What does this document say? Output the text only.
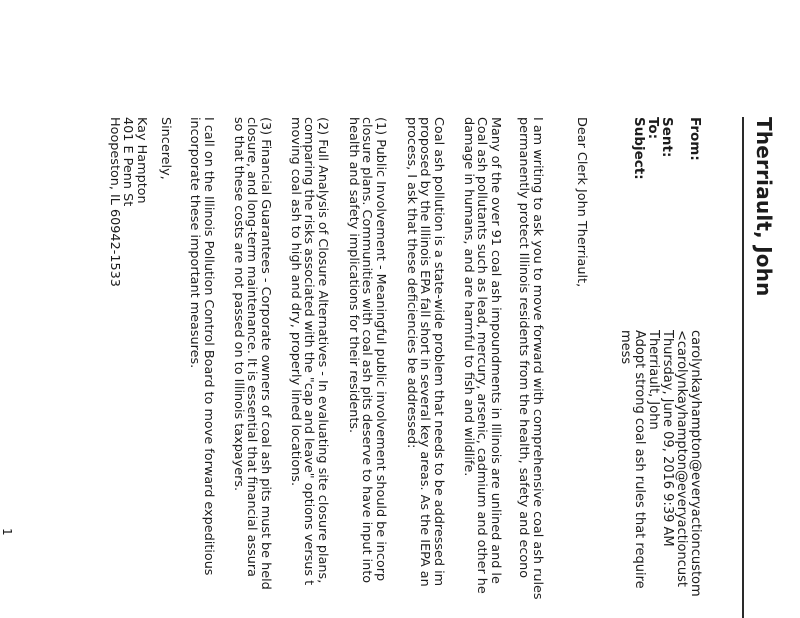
Therriault, John
From:
carolynkayhampton@everyactioncustom
<carolynkayhampton@everyactioncust
Sent:
Thursday, June 09, 2016 9:39 AM
To:
Therriault, John
Subject:
Adopt strong coal ash rules that require
mess
Dear Clerk John Therriault,
I am writing to ask you to move forward with comprehensive coal ash rules
permanently protect Illinois residents from the health, safety and econo
Many of the over 91 coal ash impoundments in Illinois are unlined and le
Coal ash pollutants such as lead, mercury, arsenic, cadmium and other he
damage in humans, and are harmful to fish and wildlife.
Coal ash pollution is a state-wide problem that needs to be addressed im
proposed by the Illinois EPA fall short in several key areas. As the IEPA an
process, I ask that these deficiencies be addressed:
(1) Public Involvement - Meaningful public involvement should be incorp
closure plans. Communities with coal ash pits deserve to have input into
health and safety implications for their residents.
(2) Full Analysis of Closure Alternatives - In evaluating site closure plans,
comparing the risks associated with the "cap and leave" options versus t
moving coal ash to high and dry, properly lined locations.
(3) Financial Guarantees - Corporate owners of coal ash pits must be held
closure, and long-term maintenance. It is essential that financial assura
so that these costs are not passed on to Illinois taxpayers.
I call on the Illinois Pollution Control Board to move forward expeditious
incorporate these important measures.
Sincerely,
Kay Hampton
401 E Penn St
Hoopeston, IL 60942-1533
1
